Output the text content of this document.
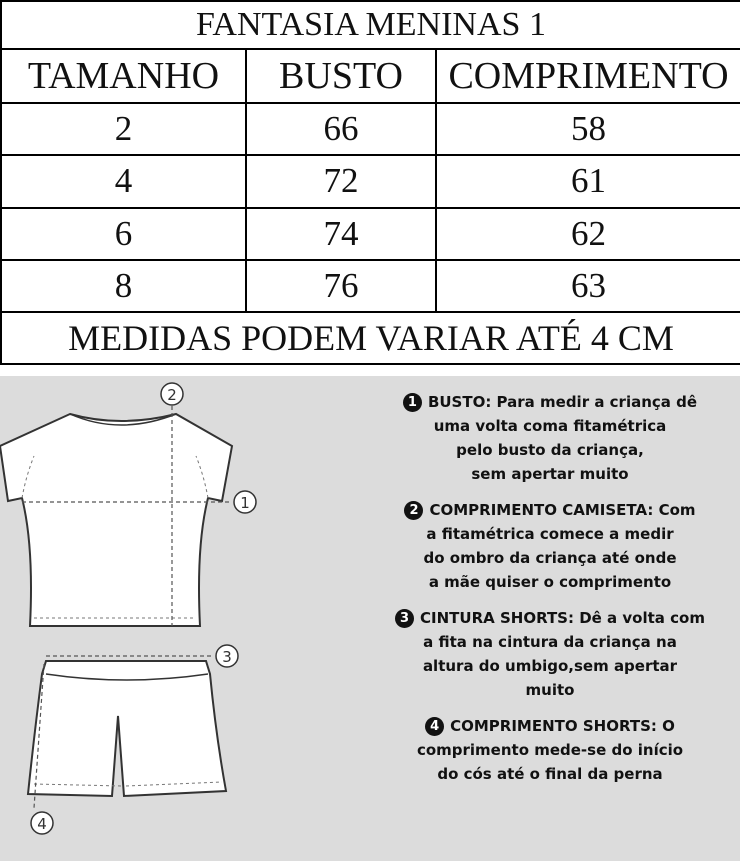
FANTASIA MENINAS 1		
TAMANHO	BUSTO	COMPRIMENTO
2	66	58
4	72	61
6	74	62
8	76	63
MEDIDAS PODEM VARIAR ATÉ 4 CM		
2
1
3
4
1 BUSTO: Para medir a criança dê
uma volta coma fitamétrica
pelo busto da criança,
sem apertar muito
2 COMPRIMENTO CAMISETA: Com
a fitamétrica comece a medir
do ombro da criança até onde
a mãe quiser o comprimento
3 CINTURA SHORTS: Dê a volta com
a fita na cintura da criança na
altura do umbigo,sem apertar
muito
4 COMPRIMENTO SHORTS: O
comprimento mede-se do início
do cós até o final da perna
